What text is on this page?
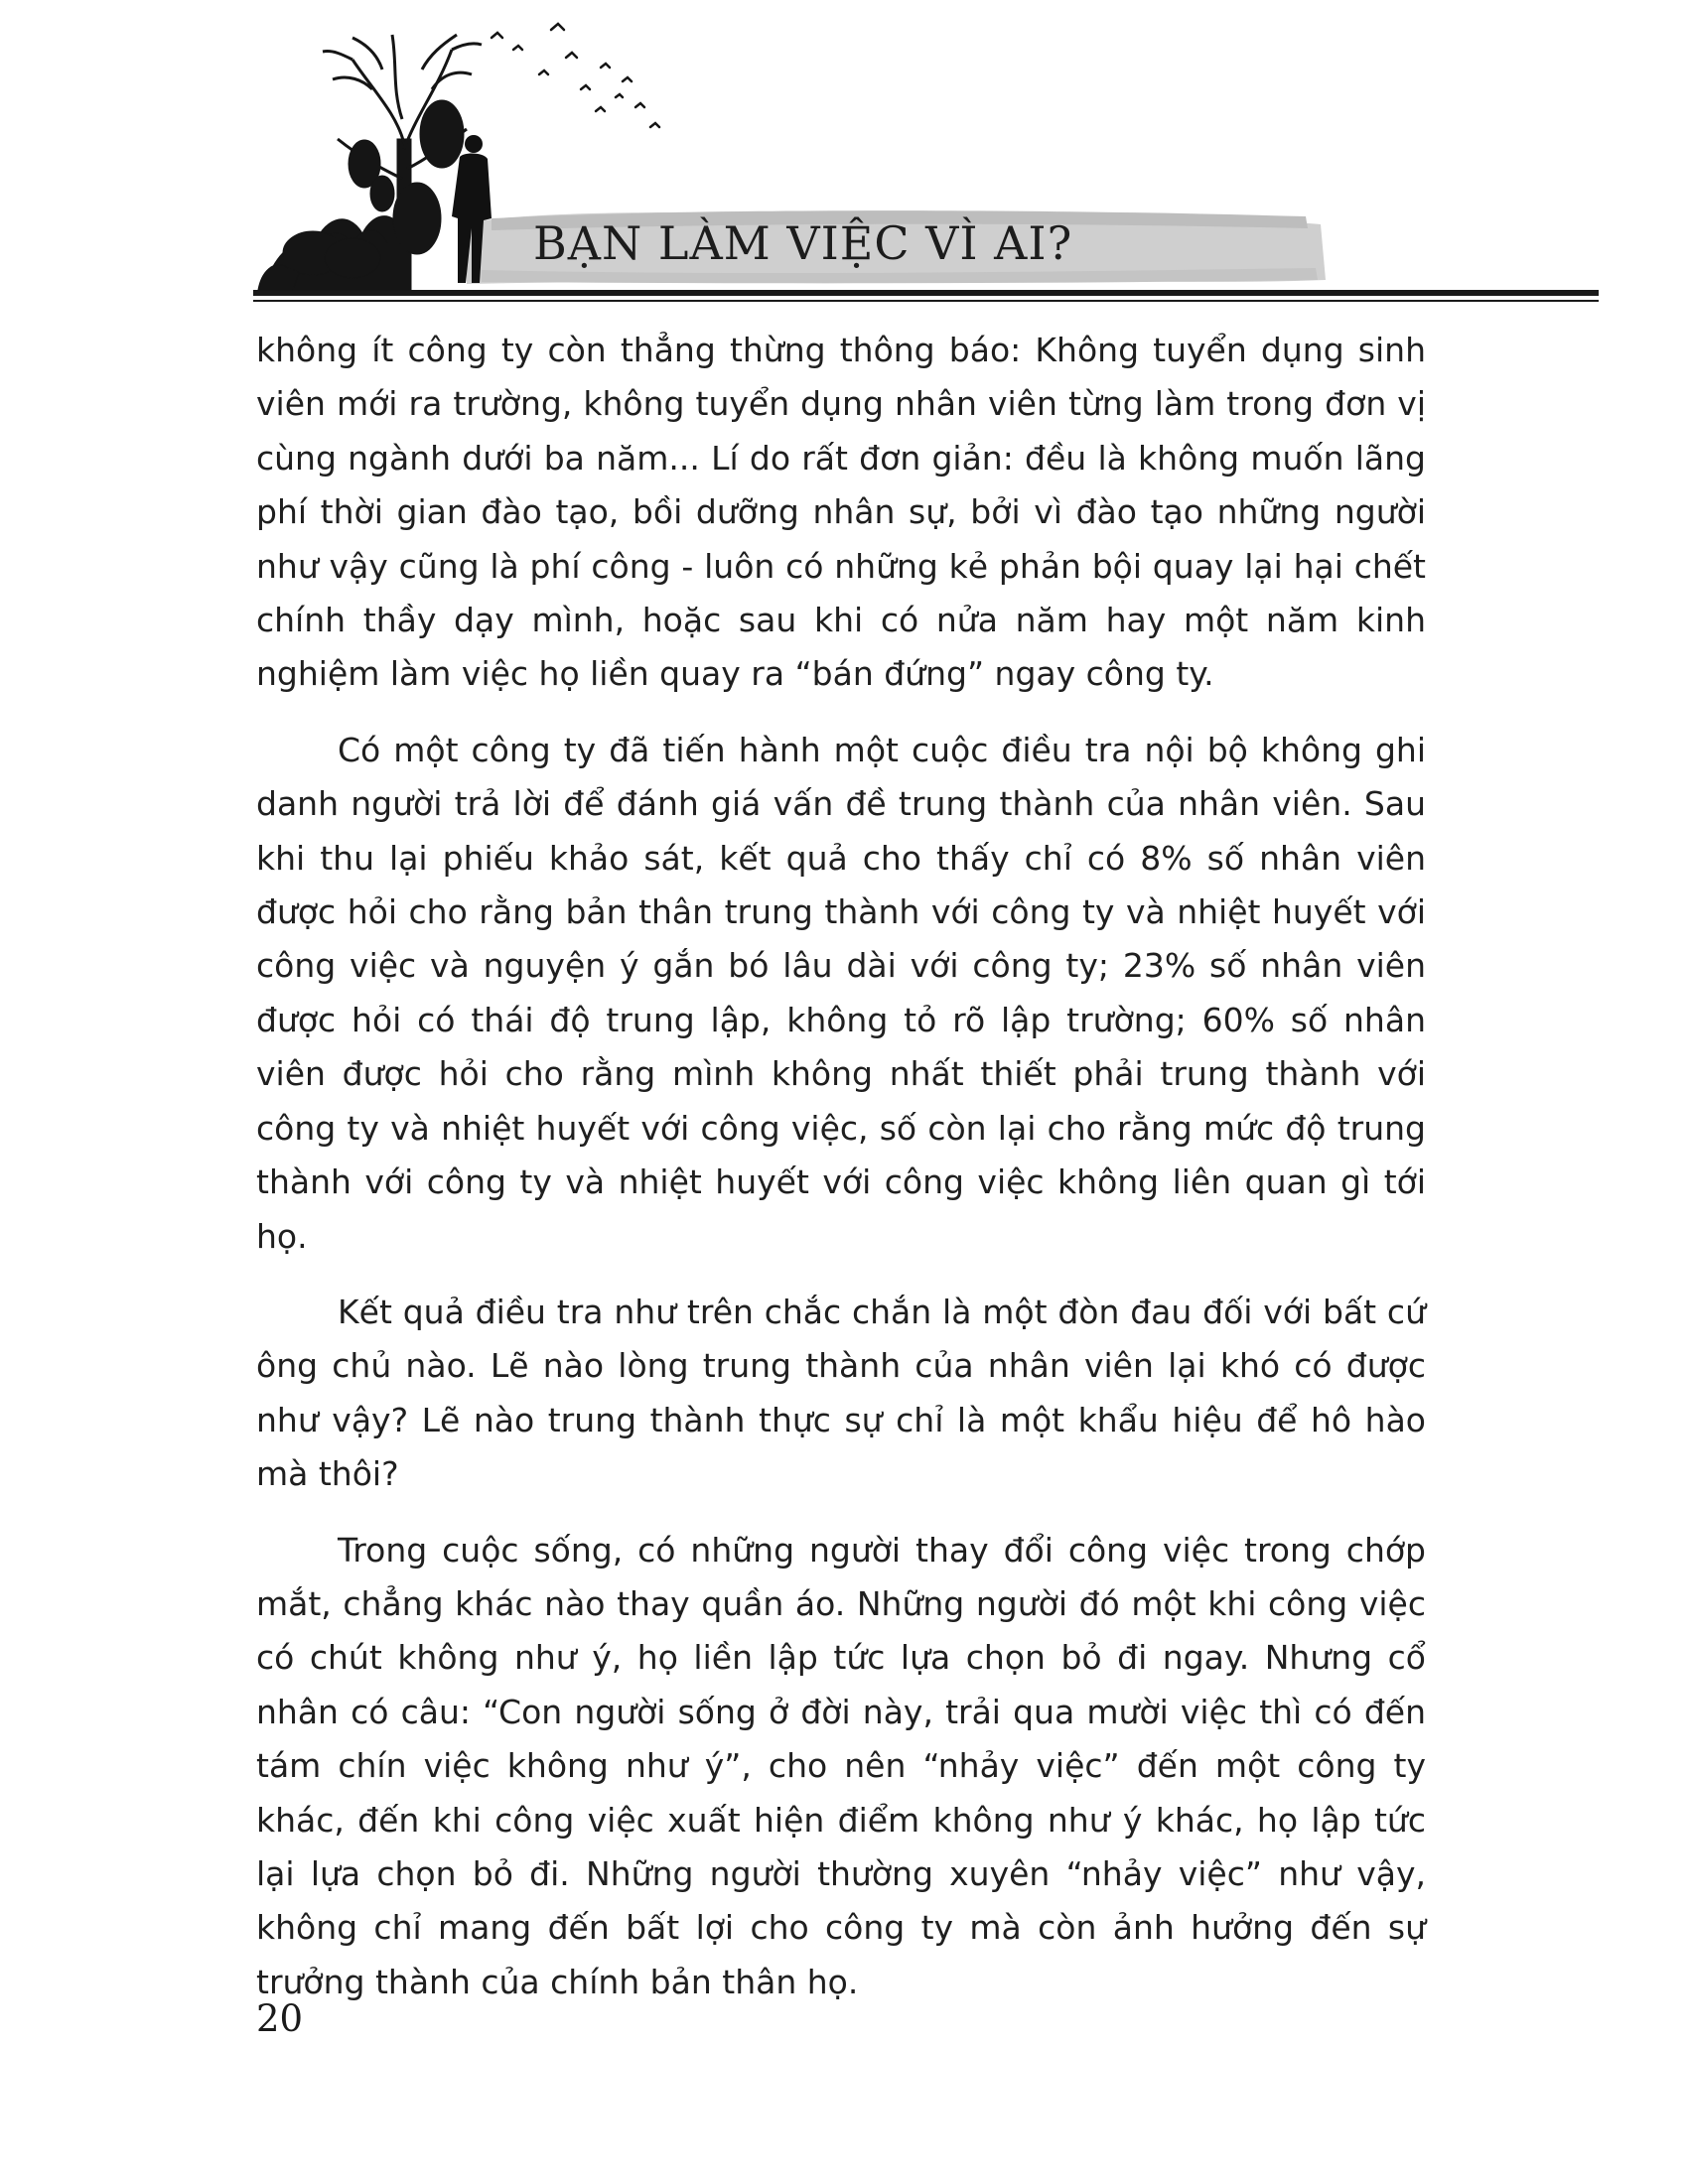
BẠN LÀM VIỆC VÌ AI?

không ít công ty còn thẳng thừng thông báo: Không tuyển dụng sinh viên mới ra trường, không tuyển dụng nhân viên từng làm trong đơn vị cùng ngành dưới ba năm... Lí do rất đơn giản: đều là không muốn lãng phí thời gian đào tạo, bồi dưỡng nhân sự, bởi vì đào tạo những người như vậy cũng là phí công - luôn có những kẻ phản bội quay lại hại chết chính thầy dạy mình, hoặc sau khi có nửa năm hay một năm kinh nghiệm làm việc họ liền quay ra “bán đứng” ngay công ty.

Có một công ty đã tiến hành một cuộc điều tra nội bộ không ghi danh người trả lời để đánh giá vấn đề trung thành của nhân viên. Sau khi thu lại phiếu khảo sát, kết quả cho thấy chỉ có 8% số nhân viên được hỏi cho rằng bản thân trung thành với công ty và nhiệt huyết với công việc và nguyện ý gắn bó lâu dài với công ty; 23% số nhân viên được hỏi có thái độ trung lập, không tỏ rõ lập trường; 60% số nhân viên được hỏi cho rằng mình không nhất thiết phải trung thành với công ty và nhiệt huyết với công việc, số còn lại cho rằng mức độ trung thành với công ty và nhiệt huyết với công việc không liên quan gì tới họ.

Kết quả điều tra như trên chắc chắn là một đòn đau đối với bất cứ ông chủ nào. Lẽ nào lòng trung thành của nhân viên lại khó có được như vậy? Lẽ nào trung thành thực sự chỉ là một khẩu hiệu để hô hào mà thôi?

Trong cuộc sống, có những người thay đổi công việc trong chớp mắt, chẳng khác nào thay quần áo. Những người đó một khi công việc có chút không như ý, họ liền lập tức lựa chọn bỏ đi ngay. Nhưng cổ nhân có câu: “Con người sống ở đời này, trải qua mười việc thì có đến tám chín việc không như ý”, cho nên “nhảy việc” đến một công ty khác, đến khi công việc xuất hiện điểm không như ý khác, họ lập tức lại lựa chọn bỏ đi. Những người thường xuyên “nhảy việc” như vậy, không chỉ mang đến bất lợi cho công ty mà còn ảnh hưởng đến sự trưởng thành của chính bản thân họ.

20
